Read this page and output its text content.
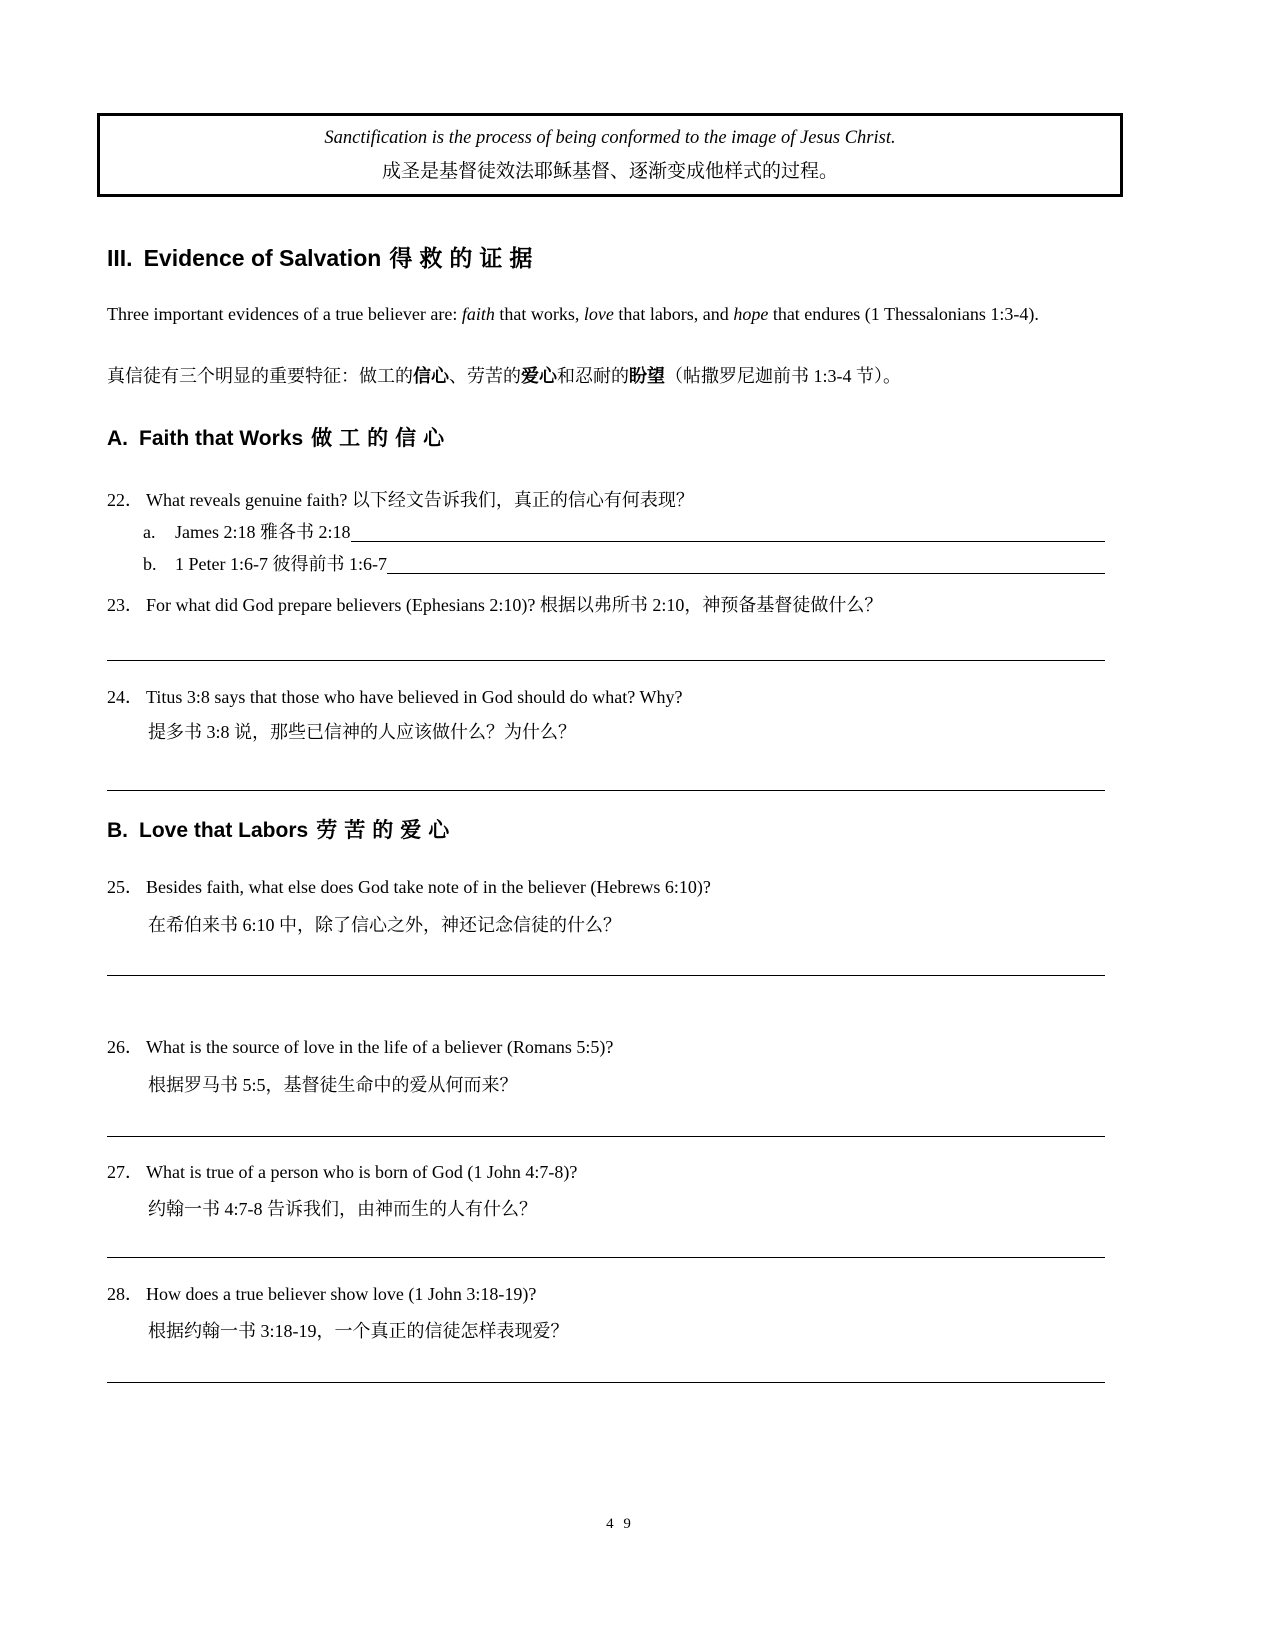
Sanctification is the process of being conformed to the image of Jesus Christ.
成圣是基督徒效法耶稣基督、逐渐变成他样式的过程。
III. Evidence of Salvation 得救的证据

Three important evidences of a true believer are: faith that works, love that labors, and hope that endures (1 Thessalonians 1:3-4).

真信徒有三个明显的重要特征：做工的信心、劳苦的爱心和忍耐的盼望（帖撒罗尼迦前书 1:3-4 节）。

A. Faith that Works 做工的信心
22． What reveals genuine faith? 以下经文告诉我们，真正的信心有何表现？
a.	James 2:18 雅各书 2:18
b.	1 Peter 1:6-7 彼得前书 1:6-7
23． For what did God prepare believers (Ephesians 2:10)? 根据以弗所书 2:10，神预备基督徒做什么？
24． Titus 3:8 says that those who have believed in God should do what? Why?
提多书 3:8 说，那些已信神的人应该做什么？为什么？
B. Love that Labors 劳苦的爱心
25． Besides faith, what else does God take note of in the believer (Hebrews 6:10)?
在希伯来书 6:10 中，除了信心之外，神还记念信徒的什么？
26． What is the source of love in the life of a believer (Romans 5:5)?
根据罗马书 5:5，基督徒生命中的爱从何而来？
27． What is true of a person who is born of God (1 John 4:7-8)?
约翰一书 4:7-8 告诉我们，由神而生的人有什么？
28． How does a true believer show love (1 John 3:18-19)?
根据约翰一书 3:18-19，一个真正的信徒怎样表现爱？
4 9
